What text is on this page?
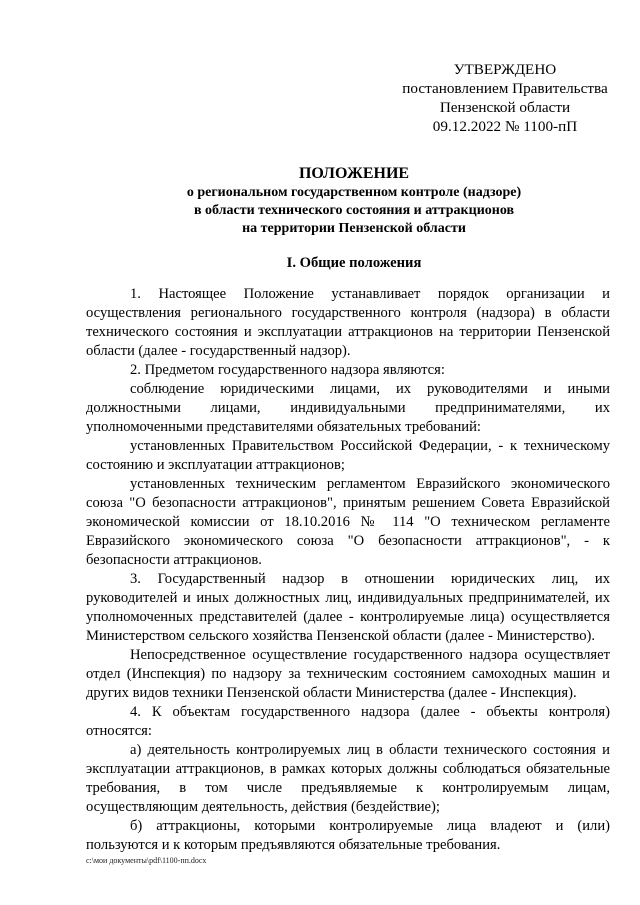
УТВЕРЖДЕНО
постановлением Правительства
Пензенской области
09.12.2022 № 1100-пП
ПОЛОЖЕНИЕ
о региональном государственном контроле (надзоре)
в области технического состояния и аттракционов
на территории Пензенской области
I. Общие положения

1. Настоящее Положение устанавливает порядок организации и осуществления регионального государственного контроля (надзора) в области технического состояния и эксплуатации аттракционов на территории Пензенской области (далее - государственный надзор).

2. Предметом государственного надзора являются:

соблюдение юридическими лицами, их руководителями и иными должностными лицами, индивидуальными предпринимателями, их уполномоченными представителями обязательных требований:

установленных Правительством Российской Федерации, - к техническому состоянию и эксплуатации аттракционов;

установленных техническим регламентом Евразийского экономического союза "О безопасности аттракционов", принятым решением Совета Евразийской экономической комиссии от 18.10.2016 № 114 "О техническом регламенте Евразийского экономического союза "О безопасности аттракционов", - к безопасности аттракционов.

3. Государственный надзор в отношении юридических лиц, их руководителей и иных должностных лиц, индивидуальных предпринимателей, их уполномоченных представителей (далее - контролируемые лица) осуществляется Министерством сельского хозяйства Пензенской области (далее - Министерство).

Непосредственное осуществление государственного надзора осуществляет отдел (Инспекция) по надзору за техническим состоянием самоходных машин и других видов техники Пензенской области Министерства (далее - Инспекция).

4. К объектам государственного надзора (далее - объекты контроля) относятся:

а) деятельность контролируемых лиц в области технического состояния и эксплуатации аттракционов, в рамках которых должны соблюдаться обязательные требования, в том числе предъявляемые к контролируемым лицам, осуществляющим деятельность, действия (бездействие);

б) аттракционы, которыми контролируемые лица владеют и (или) пользуются и к которым предъявляются обязательные требования.

c:\мои документы\pdf\1100-пп.docx
